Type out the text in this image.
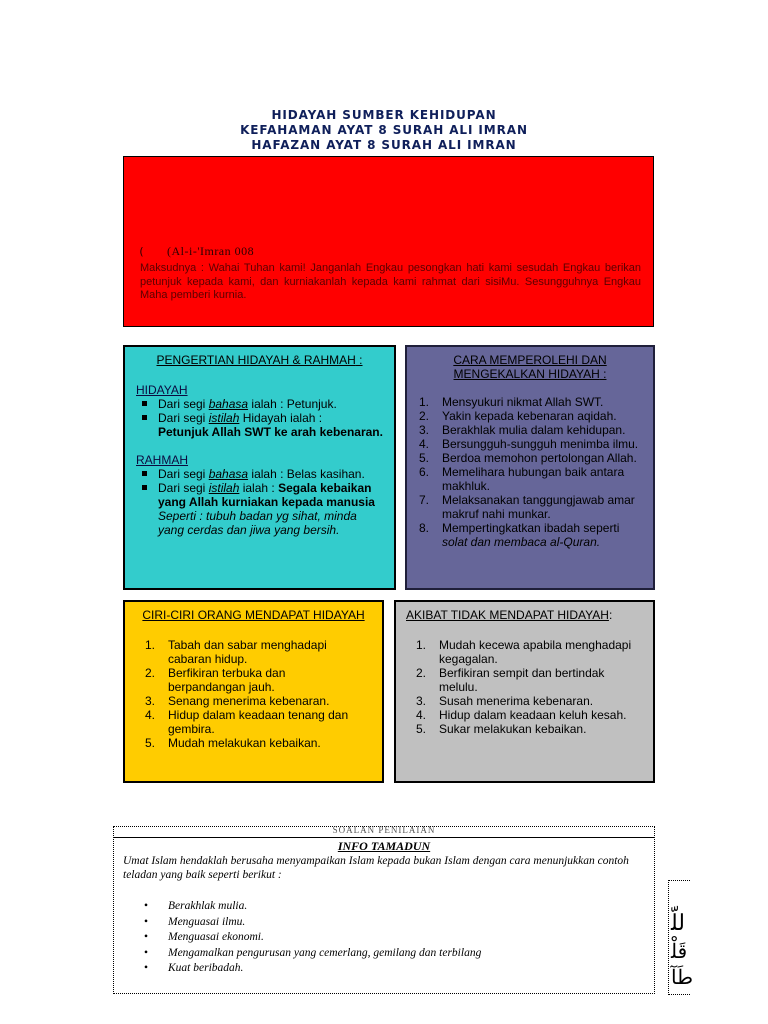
HIDAYAH SUMBER KEHIDUPAN
KEFAHAMAN AYAT 8 SURAH ALI IMRAN
HAFAZAN AYAT 8 SURAH ALI IMRAN
( (Al-i-'Imran 008
Maksudnya : Wahai Tuhan kami! Janganlah Engkau pesongkan hati kami sesudah Engkau berikan petunjuk kepada kami, dan kurniakanlah kepada kami rahmat dari sisiMu. Sesungguhnya Engkau Maha pemberi kurnia.
PENGERTIAN HIDAYAH & RAHMAH :

HIDAYAH

Dari segi bahasa ialah : Petunjuk.
Dari segi istilah Hidayah ialah :
Petunjuk Allah SWT ke arah kebenaran.

RAHMAH

Dari segi bahasa ialah : Belas kasihan.
Dari segi istilah ialah : Segala kebaikan yang Allah kurniakan kepada manusia
Seperti : tubuh badan yg sihat, minda yang cerdas dan jiwa yang bersih.
CARA MEMPEROLEHI DAN
MENGEKALKAN HIDAYAH :
1. Mensyukuri nikmat Allah SWT.
2. Yakin kepada kebenaran aqidah.
3. Berakhlak mulia dalam kehidupan.
4. Bersungguh-sungguh menimba ilmu.
5. Berdoa memohon pertolongan Allah.
6. Memelihara hubungan baik antara makhluk.
7. Melaksanakan tanggungjawab amar makruf nahi munkar.
8. Mempertingkatkan ibadah seperti solat dan membaca al-Quran.
CIRI-CIRI ORANG MENDAPAT HIDAYAH
1. Tabah dan sabar menghadapi cabaran hidup.
2. Berfikiran terbuka dan berpandangan jauh.
3. Senang menerima kebenaran.
4. Hidup dalam keadaan tenang dan gembira.
5. Mudah melakukan kebaikan.
AKIBAT TIDAK MENDAPAT HIDAYAH:
1. Mudah kecewa apabila menghadapi kegagalan.
2. Berfikiran sempit dan bertindak melulu.
3. Susah menerima kebenaran.
4. Hidup dalam keadaan keluh kesah.
5. Sukar melakukan kebaikan.
SOALAN PENILAIAN
INFO TAMADUN
Umat Islam hendaklah berusaha menyampaikan Islam kepada bukan Islam dengan cara menunjukkan contoh teladan yang baik seperti berikut :
• Berakhlak mulia.
• Menguasai ilmu.
• Menguasai ekonomi.
• Mengamalkan pengurusan yang cemerlang, gemilang dan terbilang
• Kuat beribadah.
ﻟﻠّ
ﻗَﻠْ
ﻃَﺂ
